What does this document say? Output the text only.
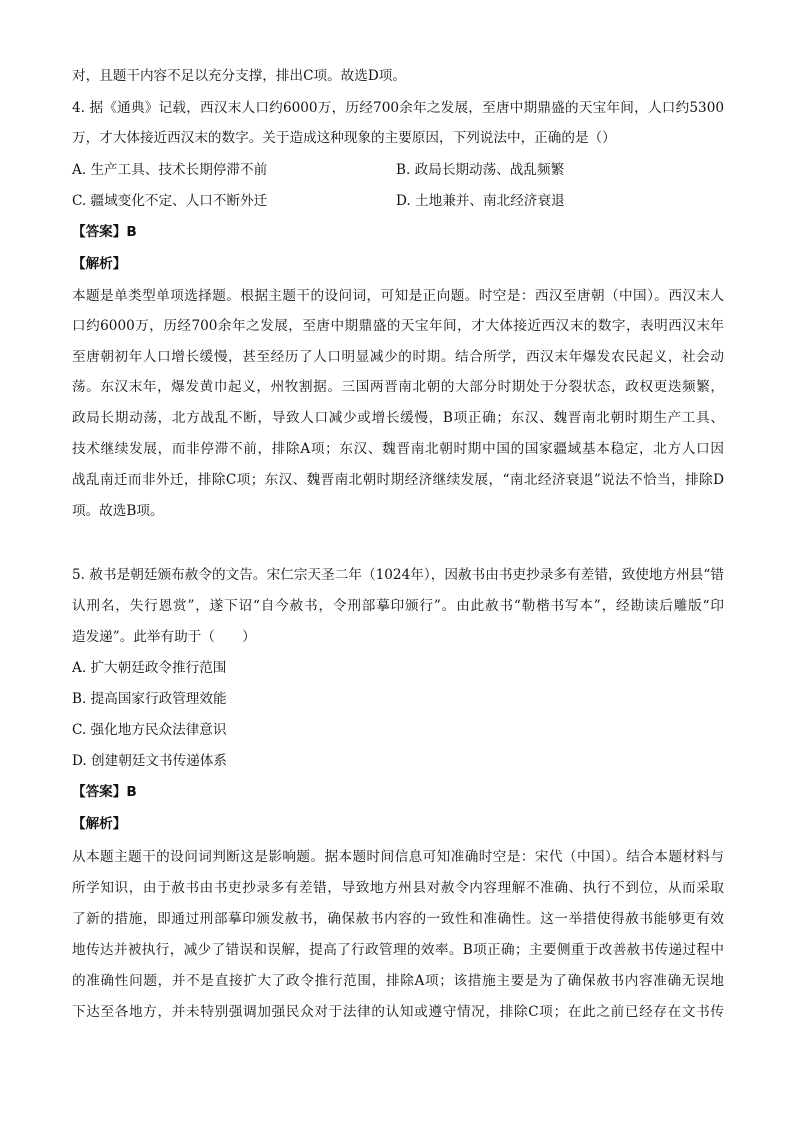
对，且题干内容不足以充分支撑，排出C项。故选D项。
4. 据《通典》记载，西汉末人口约6000万，历经700余年之发展，至唐中期鼎盛的天宝年间，人口约5300
万，才大体接近西汉末的数字。关于造成这种现象的主要原因，下列说法中，正确的是（）
A. 生产工具、技术长期停滞不前	B. 政局长期动荡、战乱频繁
C. 疆域变化不定、人口不断外迁	D. 土地兼并、南北经济衰退
【答案】B
【解析】
本题是单类型单项选择题。根据主题干的设问词，可知是正向题。时空是：西汉至唐朝（中国）。西汉末人
口约6000万，历经700余年之发展，至唐中期鼎盛的天宝年间，才大体接近西汉末的数字，表明西汉末年
至唐朝初年人口增长缓慢，甚至经历了人口明显减少的时期。结合所学，西汉末年爆发农民起义，社会动
荡。东汉末年，爆发黄巾起义，州牧割据。三国两晋南北朝的大部分时期处于分裂状态，政权更迭频繁，
政局长期动荡，北方战乱不断，导致人口减少或增长缓慢，B项正确；东汉、魏晋南北朝时期生产工具、
技术继续发展，而非停滞不前，排除A项；东汉、魏晋南北朝时期中国的国家疆域基本稳定，北方人口因
战乱南迁而非外迁，排除C项；东汉、魏晋南北朝时期经济继续发展，“南北经济衰退”说法不恰当，排除D
项。故选B项。
5. 赦书是朝廷颁布赦令的文告。宋仁宗天圣二年（1024年），因赦书由书吏抄录多有差错，致使地方州县“错
认刑名，失行恩赏”，遂下诏“自今赦书，令刑部摹印颁行”。由此赦书“勒楷书写本”，经勘读后雕版“印
造发递”。此举有助于（　　）
A. 扩大朝廷政令推行范围
B. 提高国家行政管理效能
C. 强化地方民众法律意识
D. 创建朝廷文书传递体系
【答案】B
【解析】
从本题主题干的设问词判断这是影响题。据本题时间信息可知准确时空是：宋代（中国）。结合本题材料与
所学知识，由于赦书由书吏抄录多有差错，导致地方州县对赦令内容理解不准确、执行不到位，从而采取
了新的措施，即通过刑部摹印颁发赦书，确保赦书内容的一致性和准确性。这一举措使得赦书能够更有效
地传达并被执行，减少了错误和误解，提高了行政管理的效率。B项正确；主要侧重于改善赦书传递过程中
的准确性问题，并不是直接扩大了政令推行范围，排除A项；该措施主要是为了确保赦书内容准确无误地
下达至各地方，并未特别强调加强民众对于法律的认知或遵守情况，排除C项；在此之前已经存在文书传
